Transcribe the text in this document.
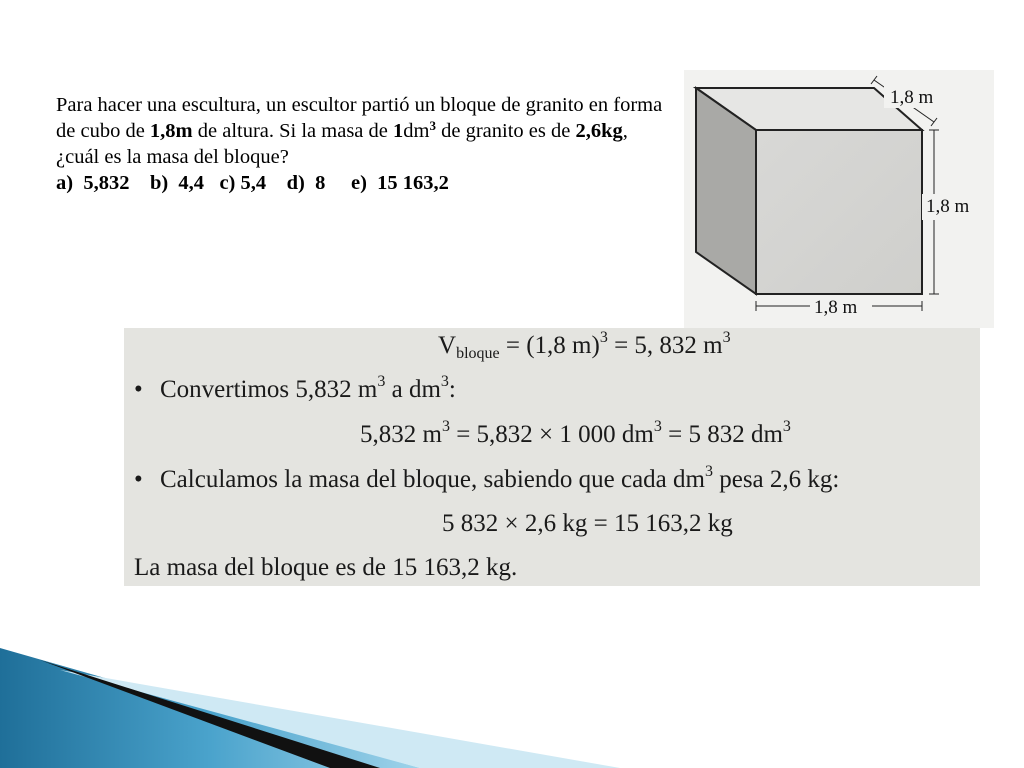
Para hacer una escultura, un escultor partió un bloque de granito en forma de cubo de 1,8m de altura. Si la masa de $1dm^3$ de granito es de 2,6kg, ¿cuál es la masa del bloque?
a)  5,832 b)  4,4 c) 5,4 d)  8 e)  15 163,2
1,8 m
1,8 m
1,8 m
$V_{bloque} = (1,8$ m)$^3$ = 5, 832 $m^3$
• Convertimos 5,832 $m^3$ a $dm^3$:
5,832 $m^3 = 5,832 \times 1$ 000 $dm^3 = 5$ 832 $dm^3$
• Calculamos la masa del bloque, sabiendo que cada $dm^3$ pesa 2,6 kg:
5 832 × 2,6 kg = 15 163,2 kg
La masa del bloque es de 15 163,2 kg.
